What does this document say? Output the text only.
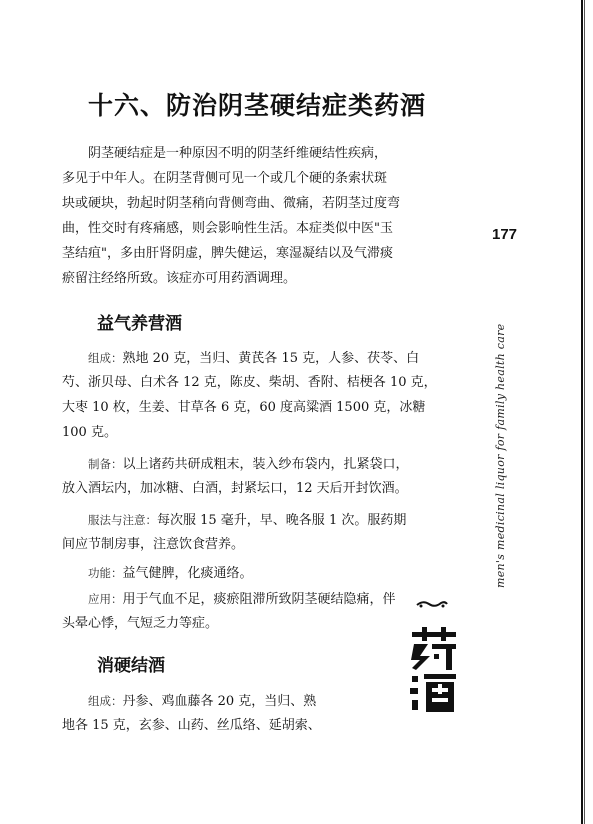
十六、防治阴茎硬结症类药酒

阴茎硬结症是一种原因不明的阴茎纤维硬结性疾病，

多见于中年人。在阴茎背侧可见一个或几个硬的条索状斑

块或硬块，勃起时阴茎稍向背侧弯曲、微痛，若阴茎过度弯

曲，性交时有疼痛感，则会影响性生活。本症类似中医"玉

茎结疽"，多由肝肾阴虚，脾失健运，寒湿凝结以及气滞痰

瘀留注经络所致。该症亦可用药酒调理。

177
men's medicinal liquor for family health care
益气养营酒

组成：熟地 20 克，当归、黄芪各 15 克，人参、茯苓、白

芍、浙贝母、白术各 12 克，陈皮、柴胡、香附、桔梗各 10 克，

大枣 10 枚，生姜、甘草各 6 克，60 度高粱酒 1500 克，冰糖

100 克。

制备：以上诸药共研成粗末，装入纱布袋内，扎紧袋口，

放入酒坛内，加冰糖、白酒，封紧坛口，12 天后开封饮酒。

服法与注意：每次服 15 毫升，早、晚各服 1 次。服药期

间应节制房事，注意饮食营养。

功能：益气健脾，化痰通络。

应用：用于气血不足，痰瘀阻滞所致阴茎硬结隐痛，伴

头晕心悸，气短乏力等症。

消硬结酒

组成：丹参、鸡血藤各 20 克，当归、熟

地各 15 克，玄参、山药、丝瓜络、延胡索、
